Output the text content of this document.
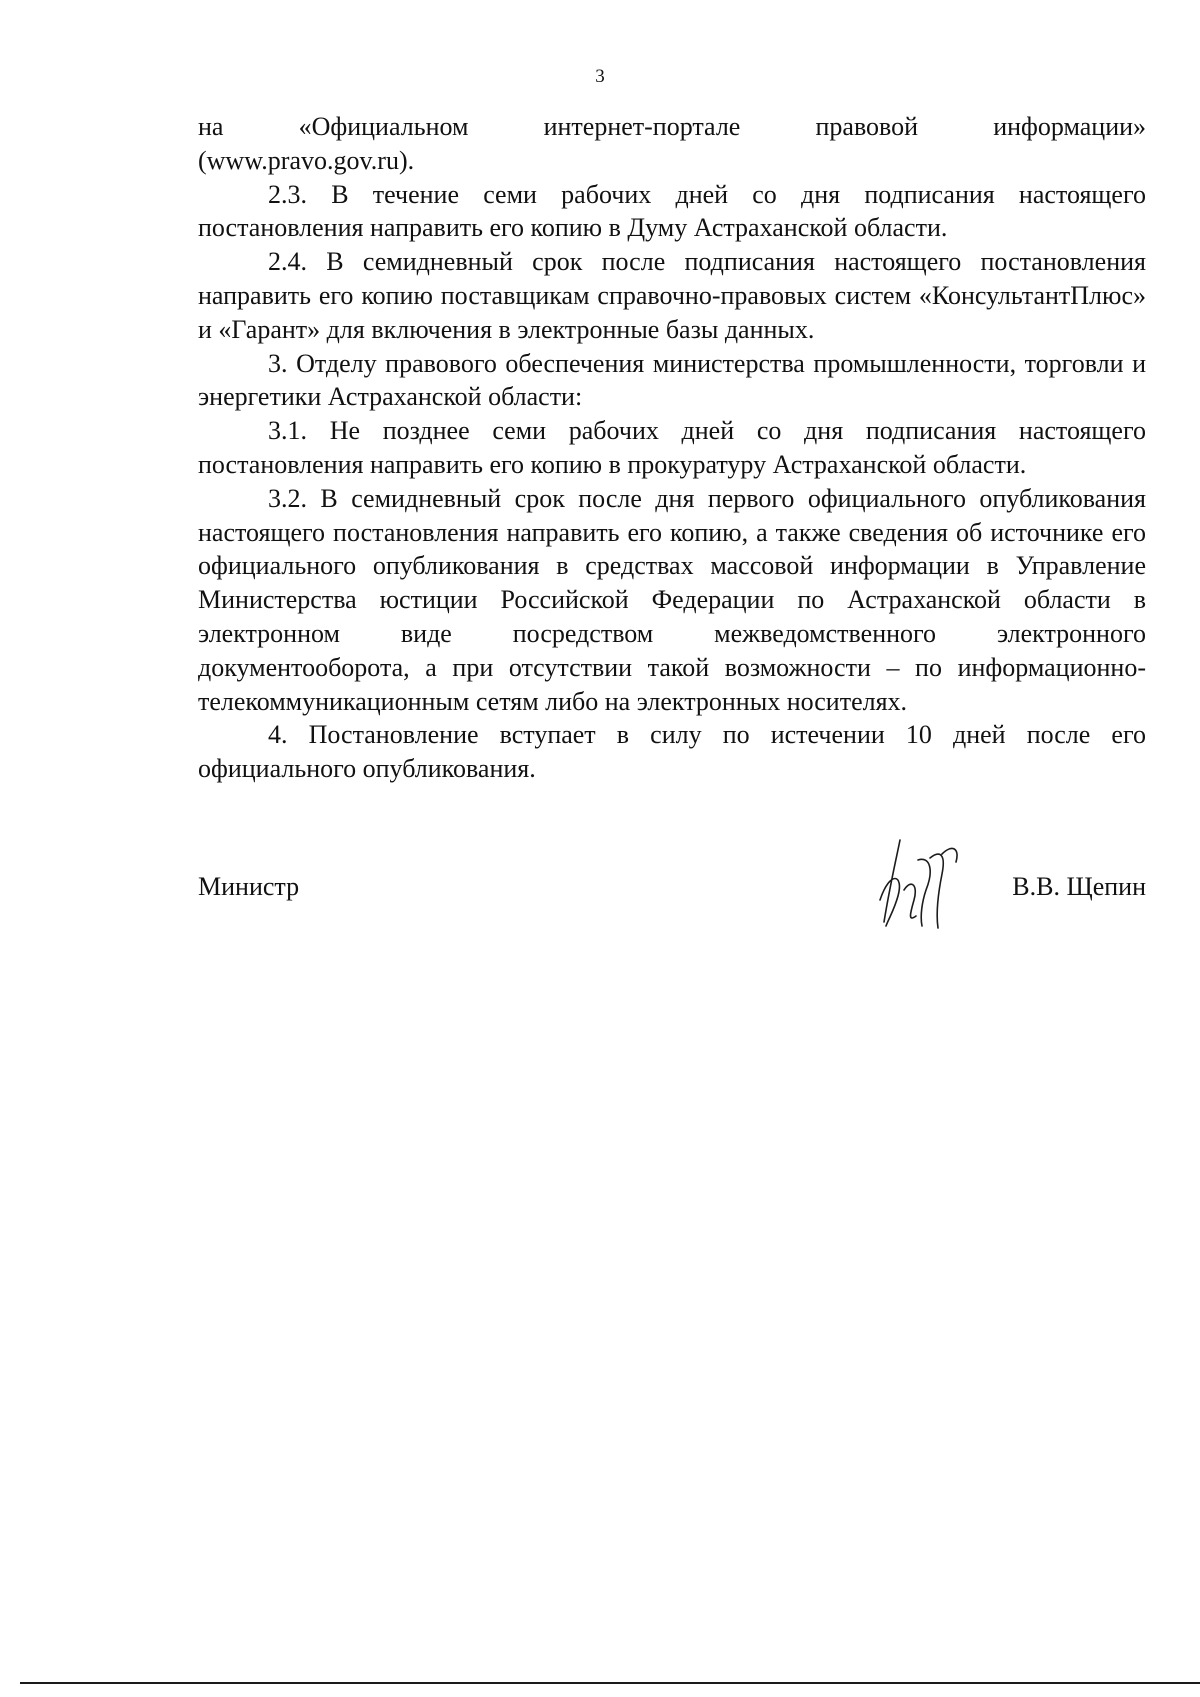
3

на	«Официальном	интернет-портале	правовой	информации»

(www.pravo.gov.ru).

2.3. В течение семи рабочих дней со дня подписания настоящего постановления направить его копию в Думу Астраханской области.

2.4. В семидневный срок после подписания настоящего постановления направить его копию поставщикам справочно-правовых систем «КонсультантПлюс» и «Гарант» для включения в электронные базы данных.

3. Отделу правового обеспечения министерства промышленности, торговли и энергетики Астраханской области:

3.1. Не позднее семи рабочих дней со дня подписания настоящего постановления направить его копию в прокуратуру Астраханской области.

3.2. В семидневный срок после дня первого официального опубликования настоящего постановления направить его копию, а также сведения об источнике его официального опубликования в средствах массовой информации в Управление Министерства юстиции Российской Федерации по Астраханской области в электронном виде посредством межведомственного электронного документооборота, а при отсутствии такой возможности – по информационно-телекоммуникационным сетям либо на электронных носителях.

4. Постановление вступает в силу по истечении 10 дней после его официального опубликования.

Министр	В.В. Щепин
